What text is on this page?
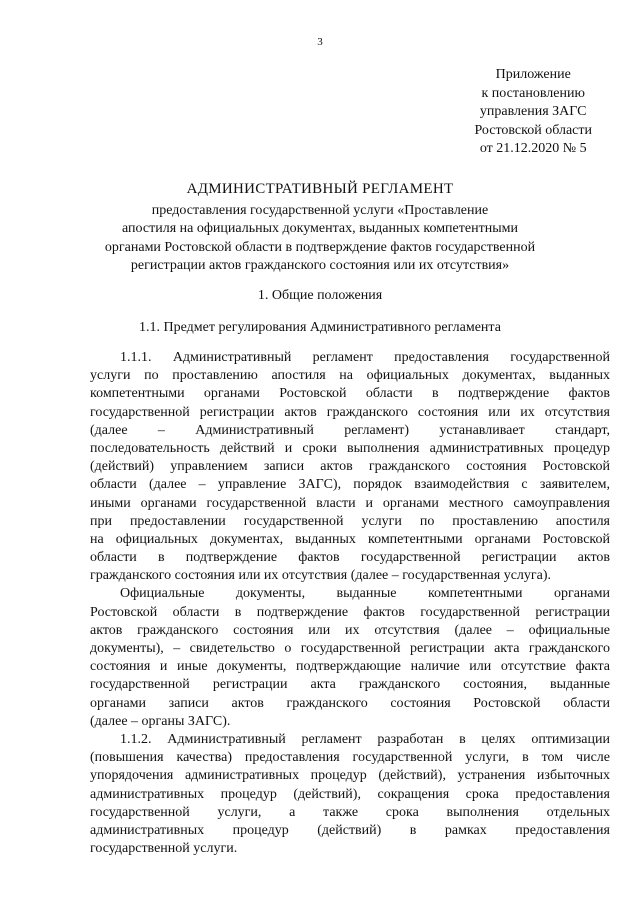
3
Приложение
к постановлению
управления ЗАГС
Ростовской области
от 21.12.2020 № 5
АДМИНИСТРАТИВНЫЙ РЕГЛАМЕНТ
предоставления государственной услуги «Проставление
апостиля на официальных документах, выданных компетентными
органами Ростовской области в подтверждение фактов государственной
регистрации актов гражданского состояния или их отсутствия»
1. Общие положения
1.1. Предмет регулирования Административного регламента
1.1.1. Административный регламент предоставления государственной
услуги по проставлению апостиля на официальных документах, выданных
компетентными органами Ростовской области в подтверждение фактов
государственной регистрации актов гражданского состояния или их отсутствия
(далее – Административный регламент) устанавливает стандарт,
последовательность действий и сроки выполнения административных процедур
(действий) управлением записи актов гражданского состояния Ростовской
области (далее – управление ЗАГС), порядок взаимодействия с заявителем,
иными органами государственной власти и органами местного самоуправления
при предоставлении государственной услуги по проставлению апостиля
на официальных документах, выданных компетентными органами Ростовской
области в подтверждение фактов государственной регистрации актов
гражданского состояния или их отсутствия (далее – государственная услуга).
Официальные документы, выданные компетентными органами
Ростовской области в подтверждение фактов государственной регистрации
актов гражданского состояния или их отсутствия (далее – официальные
документы), – свидетельство о государственной регистрации акта гражданского
состояния и иные документы, подтверждающие наличие или отсутствие факта
государственной регистрации акта гражданского состояния, выданные
органами записи актов гражданского состояния Ростовской области
(далее – органы ЗАГС).
1.1.2. Административный регламент разработан в целях оптимизации
(повышения качества) предоставления государственной услуги, в том числе
упорядочения административных процедур (действий), устранения избыточных
административных процедур (действий), сокращения срока предоставления
государственной услуги, а также срока выполнения отдельных
административных процедур (действий) в рамках предоставления
государственной услуги.
